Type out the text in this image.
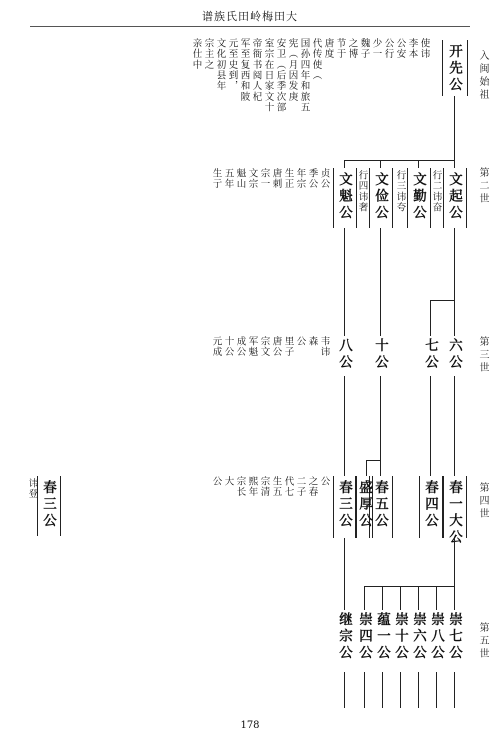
谱族氏田岭梅田大
入闽始祖
第二世
第三世
第四世
第五世
开先公
使讳
李本
公安
公行
少一
魏子
之博
节于
唐度
代传使（
国孙四年和旅五
宪（月因发庚
安卫（后季次部
室宗在日家文十
帝衙书阅人杞
军至复西和陂
元至史到，
文化初县年
宗主之
亲仕中
文起公
行二讳奋
文勤公
行三讳夸
文俭公
行四讳奢
文魁公
贞公
季公
年宗
生正
唐刺
宗一
文宗
魁山
五年
生亍
六公
七公
十公
八公
韦讳
森
公
里子
唐公
宗文
军魁
成公
十公
元成
春一大公
春四公
春五公
盛厚公
春三公
公
之春
二子
代七
生五
宗清
熙年
宗长
大
公
讳登 春三公
崇七公
崇八公
崇六公
崇十公
蕴一公
崇四公
继宗公
178
